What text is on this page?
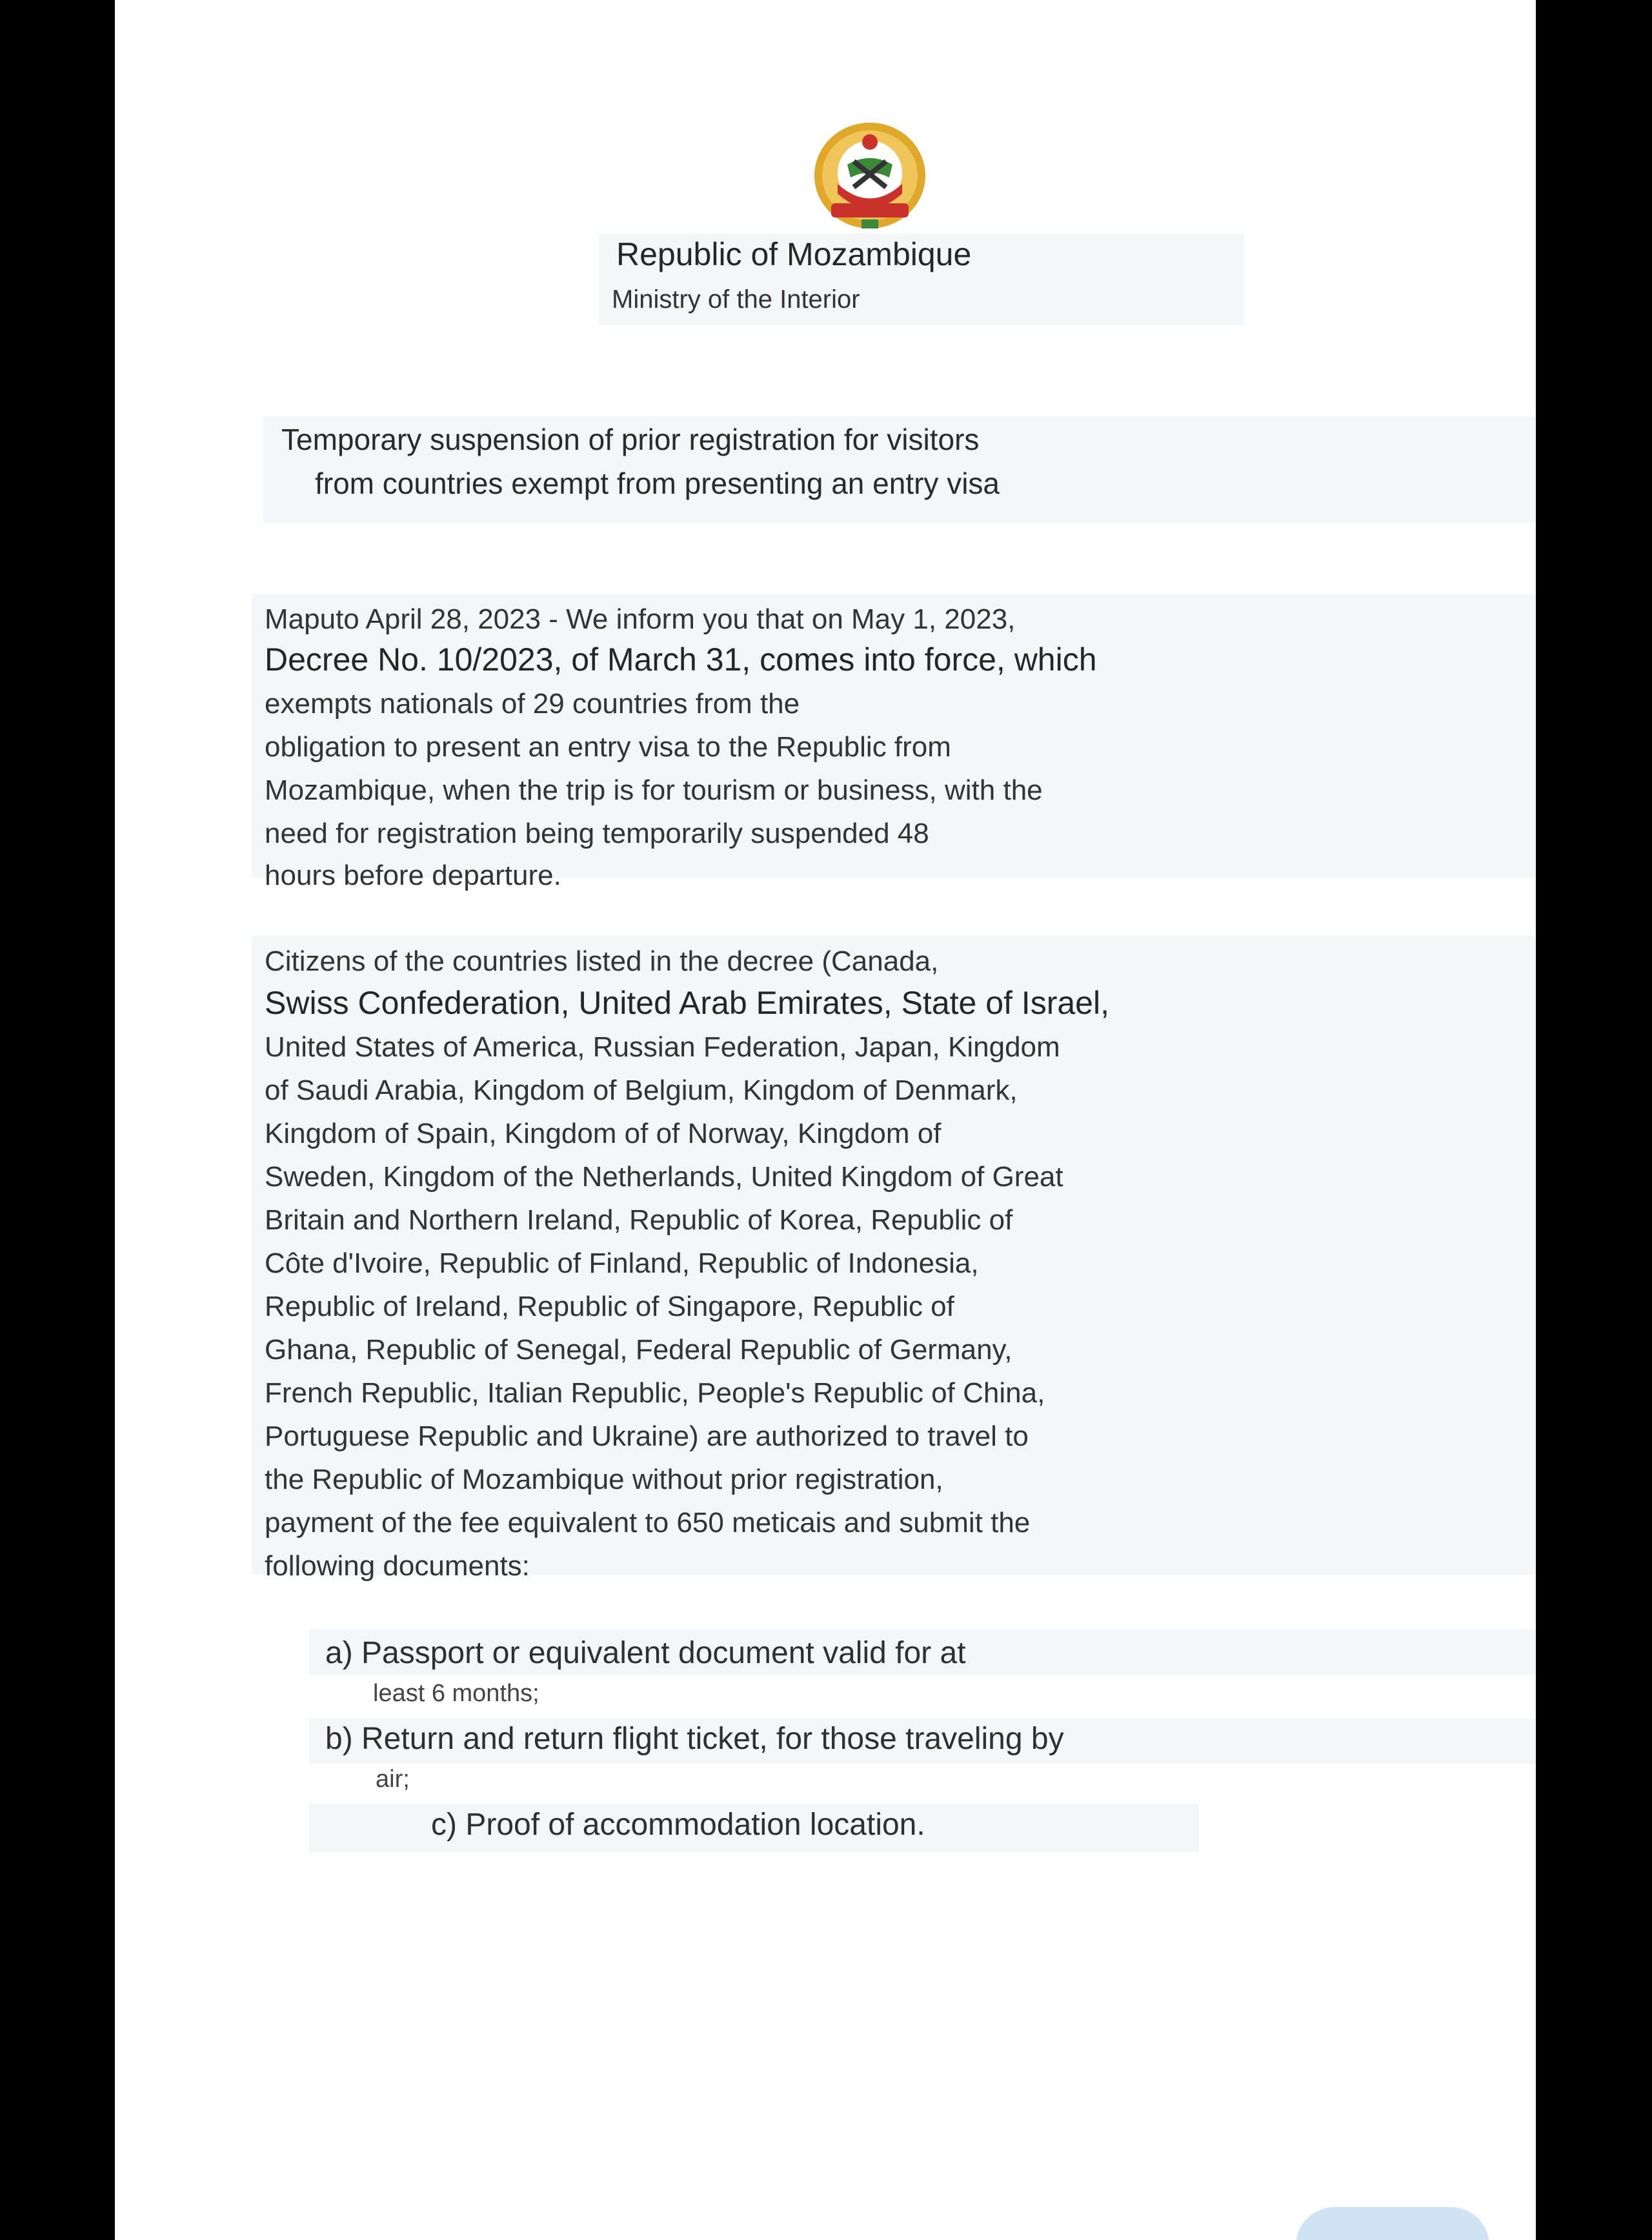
Republic of Mozambique
Ministry of the Interior
Temporary suspension of prior registration for visitors
from countries exempt from presenting an entry visa
Maputo April 28, 2023 - We inform you that on May 1, 2023,
Decree No. 10/2023, of March 31, comes into force, which
exempts nationals of 29 countries from the
obligation to present an entry visa to the Republic from
Mozambique, when the trip is for tourism or business, with the
need for registration being temporarily suspended 48
hours before departure.
Citizens of the countries listed in the decree (Canada,
Swiss Confederation, United Arab Emirates, State of Israel,
United States of America, Russian Federation, Japan, Kingdom
of Saudi Arabia, Kingdom of Belgium, Kingdom of Denmark,
Kingdom of Spain, Kingdom of of Norway, Kingdom of
Sweden, Kingdom of the Netherlands, United Kingdom of Great
Britain and Northern Ireland, Republic of Korea, Republic of
Côte d'Ivoire, Republic of Finland, Republic of Indonesia,
Republic of Ireland, Republic of Singapore, Republic of
Ghana, Republic of Senegal, Federal Republic of Germany,
French Republic, Italian Republic, People's Republic of China,
Portuguese Republic and Ukraine) are authorized to travel to
the Republic of Mozambique without prior registration,
payment of the fee equivalent to 650 meticais and submit the
following documents:
a) Passport or equivalent document valid for at
least 6 months;
b) Return and return flight ticket, for those traveling by
air;
c) Proof of accommodation location.
